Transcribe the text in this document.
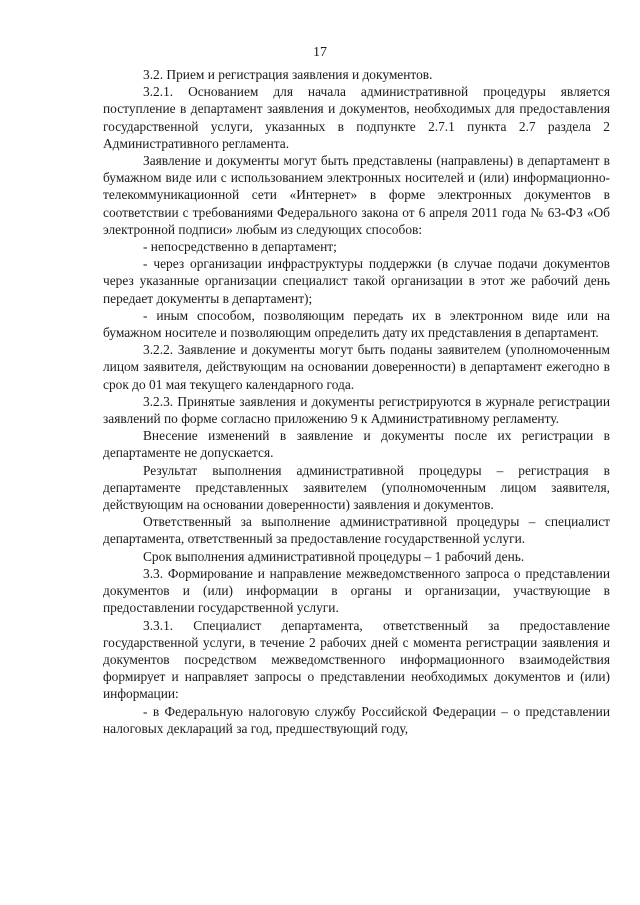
17

3.2. Прием и регистрация заявления и документов.

3.2.1. Основанием для начала административной процедуры является поступление в департамент заявления и документов, необходимых для предоставления государственной услуги, указанных в подпункте 2.7.1 пункта 2.7 раздела 2 Административного регламента.

Заявление и документы могут быть представлены (направлены) в департамент в бумажном виде или с использованием электронных носителей и (или) информационно-телекоммуникационной сети «Интернет» в форме электронных документов в соответствии с требованиями Федерального закона от 6 апреля 2011 года № 63-ФЗ «Об электронной подписи» любым из следующих способов:

- непосредственно в департамент;

- через организации инфраструктуры поддержки (в случае подачи документов через указанные организации специалист такой организации в этот же рабочий день передает документы в департамент);

- иным способом, позволяющим передать их в электронном виде или на бумажном носителе и позволяющим определить дату их представления в департамент.

3.2.2. Заявление и документы могут быть поданы заявителем (уполномоченным лицом заявителя, действующим на основании доверенности) в департамент ежегодно в срок до 01 мая текущего календарного года.

3.2.3. Принятые заявления и документы регистрируются в журнале регистрации заявлений по форме согласно приложению 9 к Административному регламенту.

Внесение изменений в заявление и документы после их регистрации в департаменте не допускается.

Результат выполнения административной процедуры – регистрация в департаменте представленных заявителем (уполномоченным лицом заявителя, действующим на основании доверенности) заявления и документов.

Ответственный за выполнение административной процедуры – специалист департамента, ответственный за предоставление государственной услуги.

Срок выполнения административной процедуры – 1 рабочий день.

3.3. Формирование и направление межведомственного запроса о представлении документов и (или) информации в органы и организации, участвующие в предоставлении государственной услуги.

3.3.1. Специалист департамента, ответственный за предоставление государственной услуги, в течение 2 рабочих дней с момента регистрации заявления и документов посредством межведомственного информационного взаимодействия формирует и направляет запросы о представлении необходимых документов и (или) информации:

- в Федеральную налоговую службу Российской Федерации – о представлении налоговых деклараций за год, предшествующий году,
